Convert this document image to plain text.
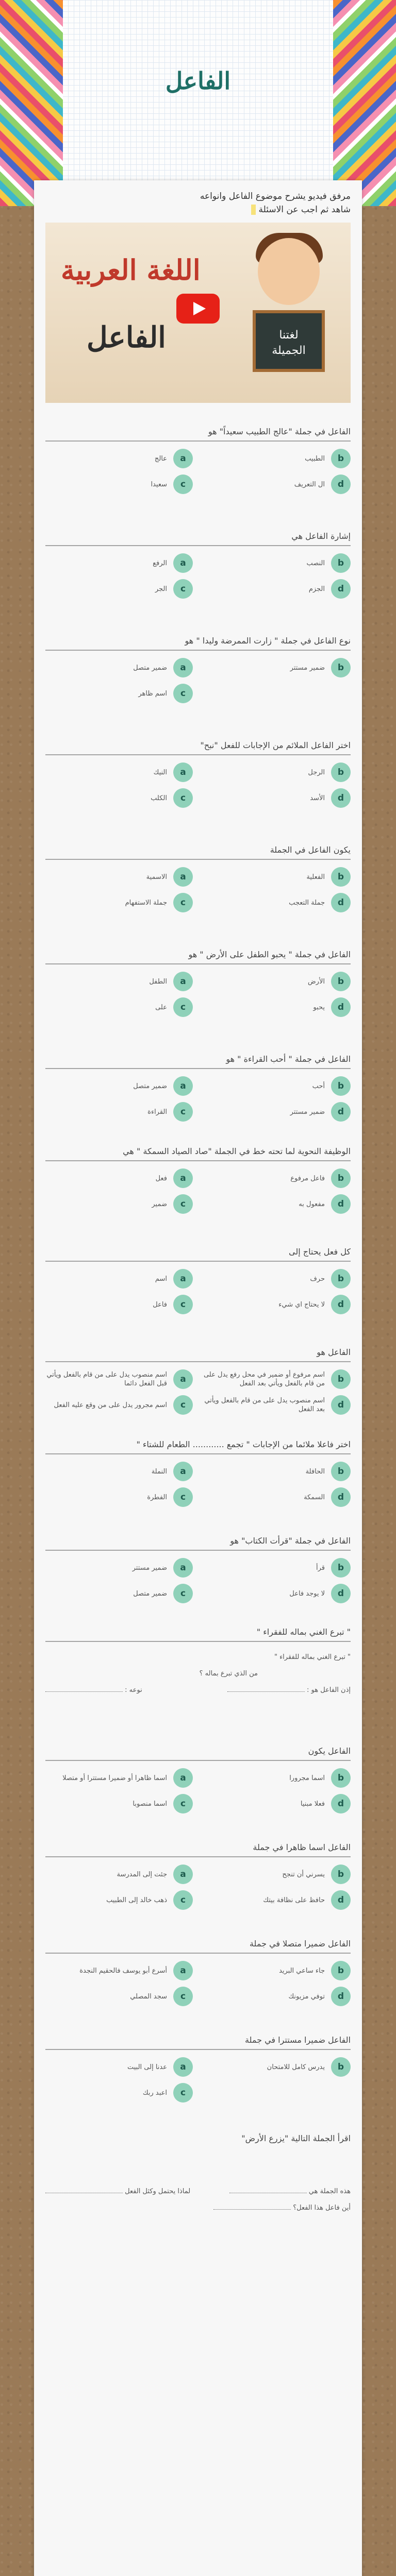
الفاعل
مرفق فيديو يشرح موضوع الفاعل وانواعه
شاهد ثم اجب عن الاسئلة
اللغة العربية
الفاعل	لغتنا
الجميلة
الفاعل في جملة "عالج الطبيب سعيداً" هو
b
الطبيب
a
عالج
d
ال التعريف
c
سعيدا
إشارة الفاعل هي
b
النصب
a
الرفع
d
الجزم
c
الجر
نوع الفاعل في جملة " زارت الممرضة وليدا " هو
b
ضمير مستتر
a
ضمير متصل
c
اسم ظاهر
اختر الفاعل الملائم من الإجابات للفعل "نبح"
b
الرجل
a
النيك
d
الأسد
c
الكلب
يكون الفاعل في الجملة
b
الفعلية
a
الاسمية
d
جملة التعجب
c
جملة الاستفهام
الفاعل في جملة " يحبو الطفل على الأرض " هو
b
الأرض
a
الطفل
d
يحبو
c
على
الفاعل في جملة " أحب القراءة " هو
b
أحب
a
ضمير متصل
d
ضمير مستتر
c
القراءة
الوظيفة النحوية لما تحته خط في الجملة "صاد الصياد السمكة " هي
b
فاعل مرفوع
a
فعل
d
مفعول به
c
ضمير
كل فعل يحتاج إلى
b
حرف
a
اسم
d
لا يحتاج اي شيء
c
فاعل
الفاعل هو
b
اسم مرفوع أو ضمير في محل رفع يدل على من قام بالفعل ويأتي بعد الفعل
a
اسم منصوب يدل على من قام بالفعل ويأتي قبل الفعل دائما
d
اسم منصوب يدل على من قام بالفعل ويأتي بعد الفعل
c
اسم مجرور يدل على من وقع عليه الفعل
اختر فاعلا ملائما من الإجابات " تجمع ............ الطعام للشتاء "
b
الحافلة
a
النملة
d
السمكة
c
الفطرة
الفاعل في جملة "قرأت الكتاب" هو
b
قرأ
a
ضمير مستتر
d
لا يوجد فاعل
c
ضمير متصل
" تبرع الغني بماله للفقراء "
" تبرع الغني بماله للفقراء "
من الذي تبرع بماله ؟
إذن الفاعل هو :
نوعه :
الفاعل يكون
b
اسما مجرورا
a
اسما ظاهرا أو ضميرا مستترا أو متصلا
d
فعلا مبنيا
c
اسما منصوبا
الفاعل اسما ظاهرا في جملة
b
يسرني أن تنجح
a
جئت إلى المدرسة
d
حافظ على نظافة بيتك
c
ذهب خالد إلى الطبيب
الفاعل ضميرا متصلا في جملة
b
جاء ساعي البريد
a
أسرع أبو يوسف فالحقيم النجدة
d
توفي مزيونك
c
سجد المصلي
الفاعل ضميرا مستترا في جملة
b
يدرس كامل للامتحان
a
عدنا إلى البيت
c
اعبد ربك
اقرأ الجملة التالية "يزرع الأرض"
هذه الجملة هي
لماذا يحتمل وكثل الفعل
أين فاعل هذا الفعل؟
